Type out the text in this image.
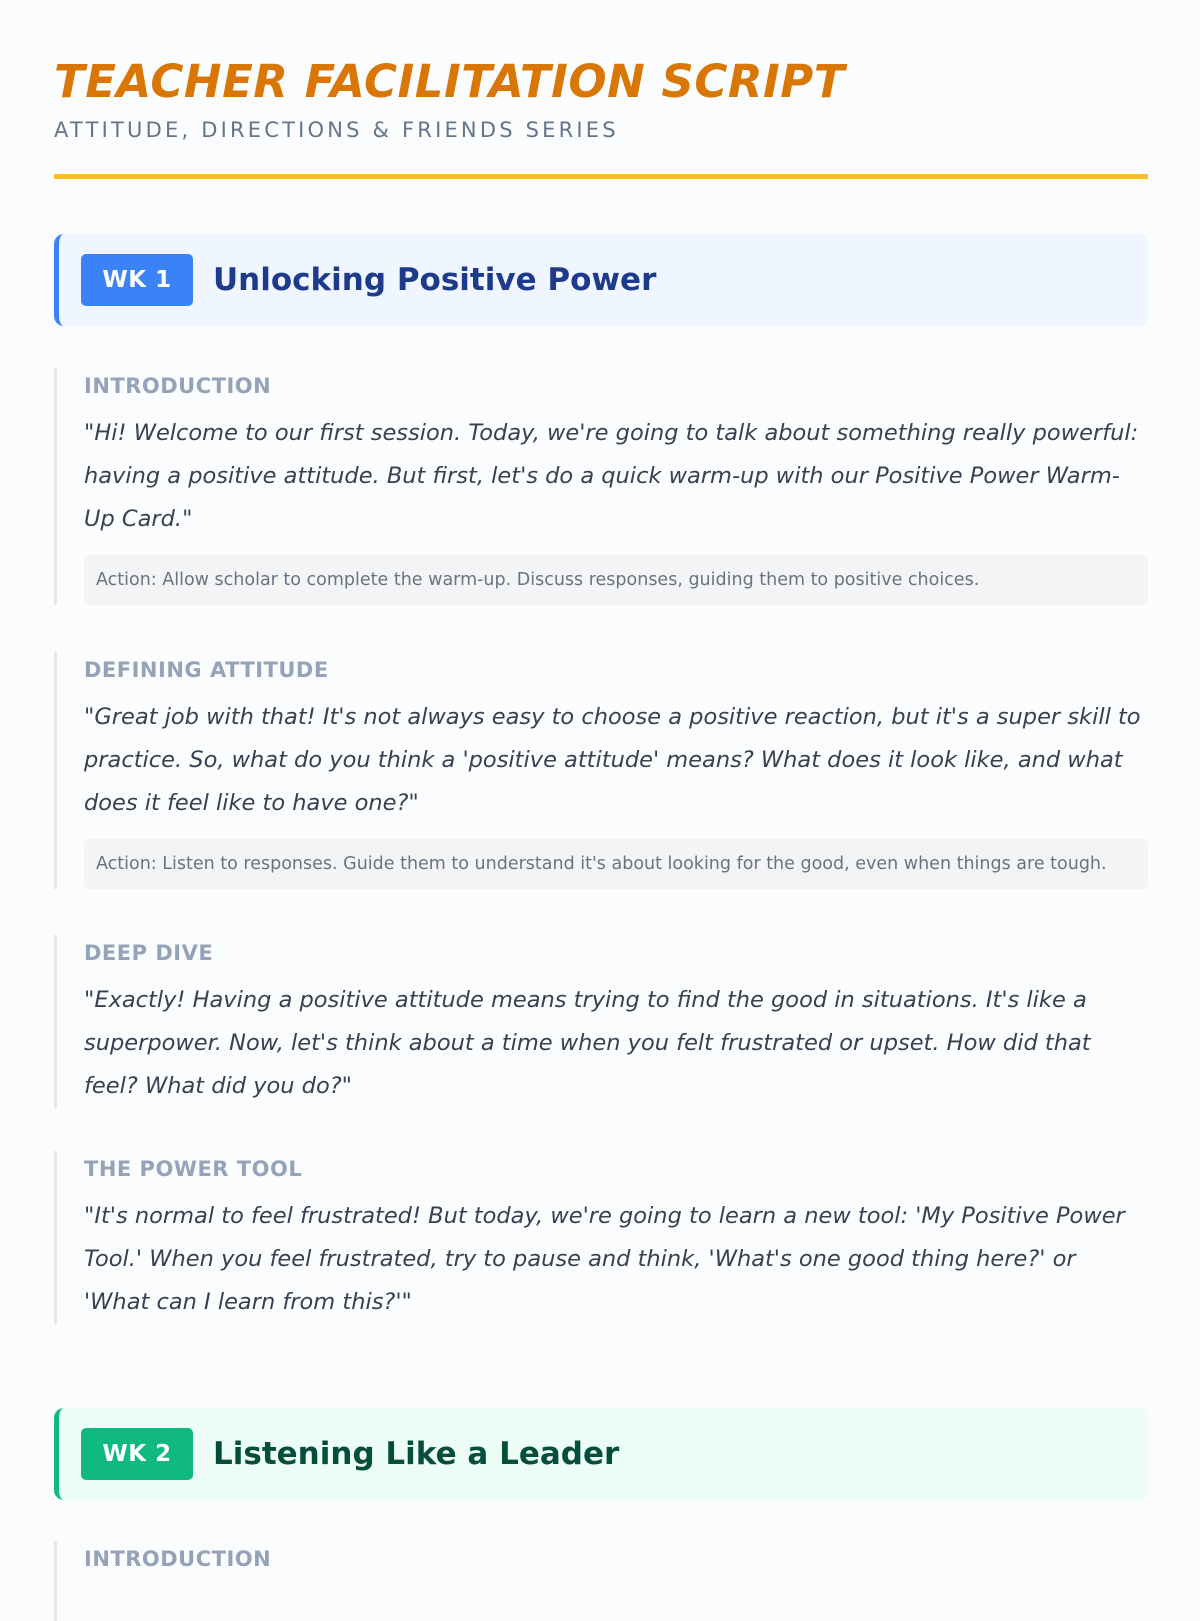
TEACHER FACILITATION SCRIPT
ATTITUDE, DIRECTIONS & FRIENDS SERIES
WK 1	Unlocking Positive Power
INTRODUCTION
"Hi! Welcome to our first session. Today, we're going to talk about something really powerful: having a positive attitude. But first, let's do a quick warm-up with our Positive Power Warm-Up Card."
Action: Allow scholar to complete the warm-up. Discuss responses, guiding them to positive choices.
DEFINING ATTITUDE
"Great job with that! It's not always easy to choose a positive reaction, but it's a super skill to practice. So, what do you think a 'positive attitude' means? What does it look like, and what does it feel like to have one?"
Action: Listen to responses. Guide them to understand it's about looking for the good, even when things are tough.
DEEP DIVE
"Exactly! Having a positive attitude means trying to find the good in situations. It's like a superpower. Now, let's think about a time when you felt frustrated or upset. How did that feel? What did you do?"
THE POWER TOOL
"It's normal to feel frustrated! But today, we're going to learn a new tool: 'My Positive Power Tool.' When you feel frustrated, try to pause and think, 'What's one good thing here?' or 'What can I learn from this?'"
WK 2	Listening Like a Leader
INTRODUCTION
